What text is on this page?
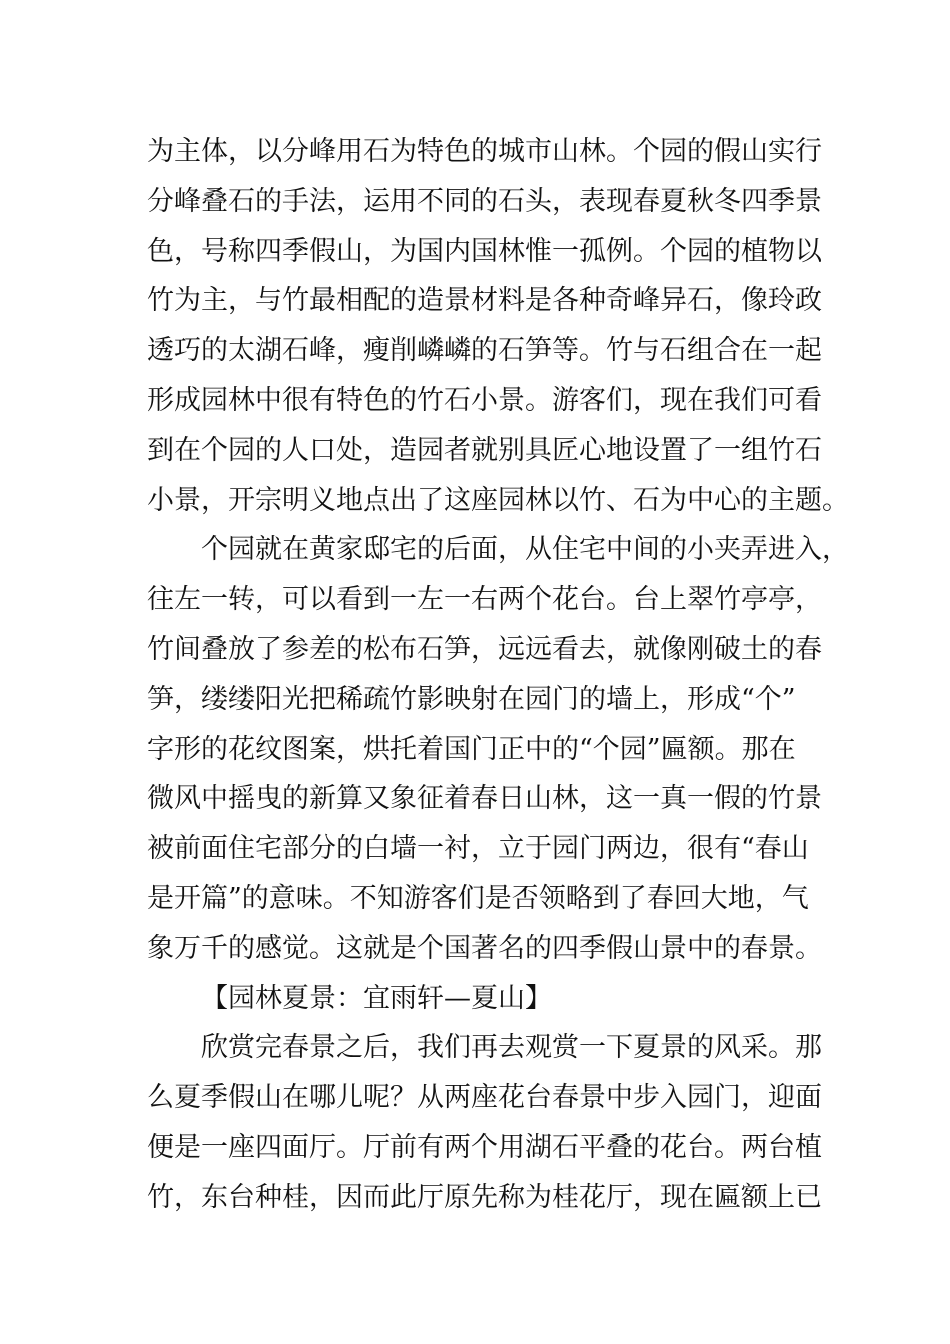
为主体，以分峰用石为特色的城市山林。个园的假山实行
分峰叠石的手法，运用不同的石头，表现春夏秋冬四季景
色，号称四季假山，为国内国林惟一孤例。个园的植物以
竹为主，与竹最相配的造景材料是各种奇峰异石，像玲政
透巧的太湖石峰，瘦削嶙嶙的石笋等。竹与石组合在一起
形成园林中很有特色的竹石小景。游客们，现在我们可看
到在个园的人口处，造园者就别具匠心地设置了一组竹石
小景，开宗明义地点出了这座园林以竹、石为中心的主题。
个园就在黄家邸宅的后面，从住宅中间的小夹弄进入，
往左一转，可以看到一左一右两个花台。台上翠竹亭亭，
竹间叠放了参差的松布石笋，远远看去，就像刚破土的春
笋，缕缕阳光把稀疏竹影映射在园门的墙上，形成“个”
字形的花纹图案，烘托着国门正中的“个园”匾额。那在
微风中摇曳的新算又象征着春日山林，这一真一假的竹景
被前面住宅部分的白墙一衬，立于园门两边，很有“春山
是开篇”的意味。不知游客们是否领略到了春回大地，气
象万千的感觉。这就是个国著名的四季假山景中的春景。
【园林夏景：宜雨轩—夏山】
欣赏完春景之后，我们再去观赏一下夏景的风采。那
么夏季假山在哪儿呢？从两座花台春景中步入园门，迎面
便是一座四面厅。厅前有两个用湖石平叠的花台。两台植
竹，东台种桂，因而此厅原先称为桂花厅，现在匾额上已
